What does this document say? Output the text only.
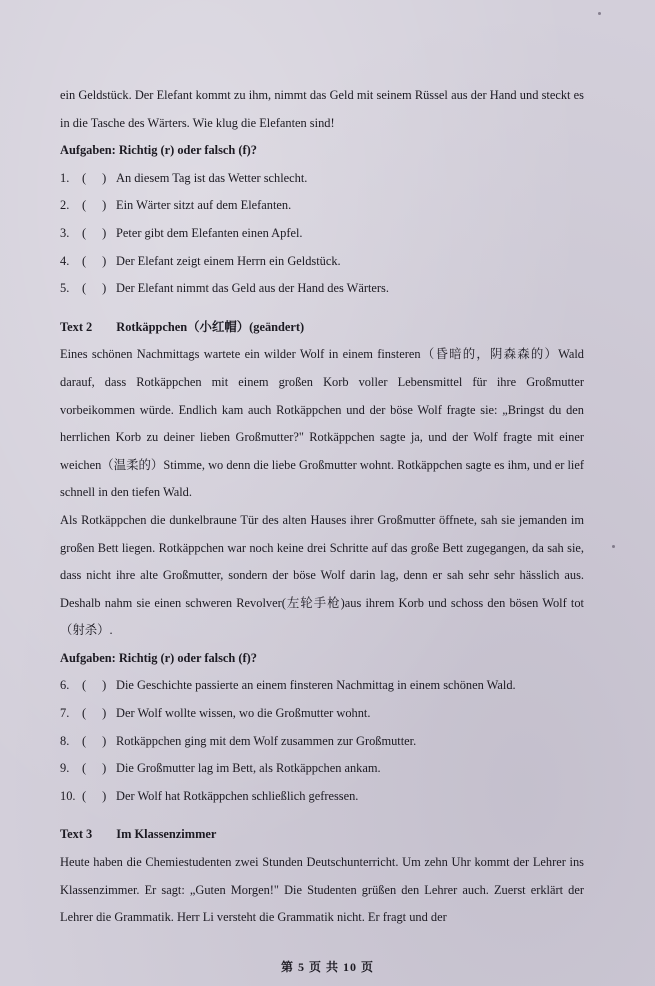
ein Geldstück. Der Elefant kommt zu ihm, nimmt das Geld mit seinem Rüssel aus der Hand und steckt es in die Tasche des Wärters. Wie klug die Elefanten sind!

Aufgaben: Richtig (r) oder falsch (f)?

1. ( ) An diesem Tag ist das Wetter schlecht.
2. ( ) Ein Wärter sitzt auf dem Elefanten.
3. ( ) Peter gibt dem Elefanten einen Apfel.
4. ( ) Der Elefant zeigt einem Herrn ein Geldstück.
5. ( ) Der Elefant nimmt das Geld aus der Hand des Wärters.

Text 2 Rotkäppchen（小红帽）(geändert)

Eines schönen Nachmittags wartete ein wilder Wolf in einem finsteren（昏暗的，阴森森的）Wald darauf, dass Rotkäppchen mit einem großen Korb voller Lebensmittel für ihre Großmutter vorbeikommen würde. Endlich kam auch Rotkäppchen und der böse Wolf fragte sie: „Bringst du den herrlichen Korb zu deiner lieben Großmutter?" Rotkäppchen sagte ja, und der Wolf fragte mit einer weichen（温柔的）Stimme, wo denn die liebe Großmutter wohnt. Rotkäppchen sagte es ihm, und er lief schnell in den tiefen Wald.

Als Rotkäppchen die dunkelbraune Tür des alten Hauses ihrer Großmutter öffnete, sah sie jemanden im großen Bett liegen. Rotkäppchen war noch keine drei Schritte auf das große Bett zugegangen, da sah sie, dass nicht ihre alte Großmutter, sondern der böse Wolf darin lag, denn er sah sehr sehr hässlich aus. Deshalb nahm sie einen schweren Revolver(左轮手枪)aus ihrem Korb und schoss den bösen Wolf tot（射杀）.

Aufgaben: Richtig (r) oder falsch (f)?

6. ( ) Die Geschichte passierte an einem finsteren Nachmittag in einem schönen Wald.
7. ( ) Der Wolf wollte wissen, wo die Großmutter wohnt.
8. ( ) Rotkäppchen ging mit dem Wolf zusammen zur Großmutter.
9. ( ) Die Großmutter lag im Bett, als Rotkäppchen ankam.
10. ( ) Der Wolf hat Rotkäppchen schließlich gefressen.

Text 3 Im Klassenzimmer

Heute haben die Chemiestudenten zwei Stunden Deutschunterricht. Um zehn Uhr kommt der Lehrer ins Klassenzimmer. Er sagt: „Guten Morgen!" Die Studenten grüßen den Lehrer auch. Zuerst erklärt der Lehrer die Grammatik. Herr Li versteht die Grammatik nicht. Er fragt und der

第 5 页 共 10 页
